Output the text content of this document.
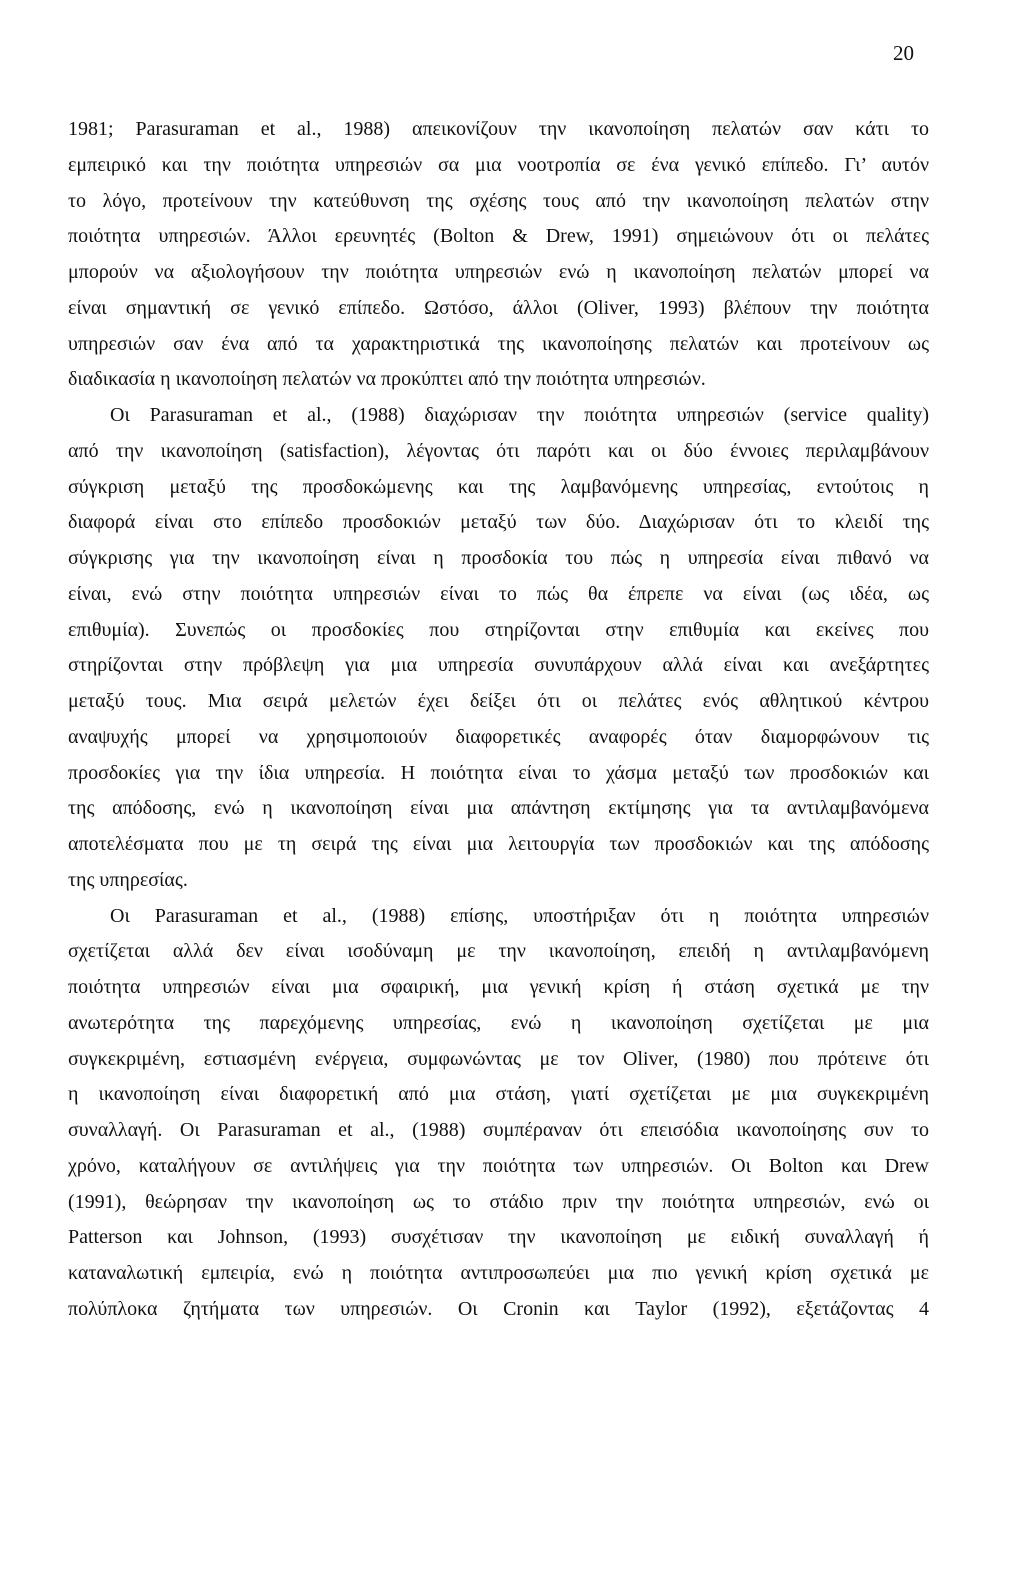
20
1981; Parasuraman et al., 1988) απεικονίζουν την ικανοποίηση πελατών σαν κάτι το
εμπειρικό και την ποιότητα υπηρεσιών σα μια νοοτροπία σε ένα γενικό επίπεδο. Γι’ αυτόν
το λόγο, προτείνουν την κατεύθυνση της σχέσης τους από την ικανοποίηση πελατών στην
ποιότητα υπηρεσιών. Άλλοι ερευνητές (Bolton & Drew, 1991) σημειώνουν ότι οι πελάτες
μπορούν να αξιολογήσουν την ποιότητα υπηρεσιών ενώ η ικανοποίηση πελατών μπορεί να
είναι σημαντική σε γενικό επίπεδο. Ωστόσο, άλλοι (Oliver, 1993) βλέπουν την ποιότητα
υπηρεσιών σαν ένα από τα χαρακτηριστικά της ικανοποίησης πελατών και προτείνουν ως
διαδικασία η ικανοποίηση πελατών να προκύπτει από την ποιότητα υπηρεσιών.
Οι Parasuraman et al., (1988) διαχώρισαν την ποιότητα υπηρεσιών (service quality)
από την ικανοποίηση (satisfaction), λέγοντας ότι παρότι και οι δύο έννοιες περιλαμβάνουν
σύγκριση μεταξύ της προσδοκώμενης και της λαμβανόμενης υπηρεσίας, εντούτοις η
διαφορά είναι στο επίπεδο προσδοκιών μεταξύ των δύο. Διαχώρισαν ότι το κλειδί της
σύγκρισης για την ικανοποίηση είναι η προσδοκία του πώς η υπηρεσία είναι πιθανό να
είναι, ενώ στην ποιότητα υπηρεσιών είναι το πώς θα έπρεπε να είναι (ως ιδέα, ως
επιθυμία). Συνεπώς οι προσδοκίες που στηρίζονται στην επιθυμία και εκείνες που
στηρίζονται στην πρόβλεψη για μια υπηρεσία συνυπάρχουν αλλά είναι και ανεξάρτητες
μεταξύ τους. Μια σειρά μελετών έχει δείξει ότι οι πελάτες ενός αθλητικού κέντρου
αναψυχής μπορεί να χρησιμοποιούν διαφορετικές αναφορές όταν διαμορφώνουν τις
προσδοκίες για την ίδια υπηρεσία. Η ποιότητα είναι το χάσμα μεταξύ των προσδοκιών και
της απόδοσης, ενώ η ικανοποίηση είναι μια απάντηση εκτίμησης για τα αντιλαμβανόμενα
αποτελέσματα που με τη σειρά της είναι μια λειτουργία των προσδοκιών και της απόδοσης
της υπηρεσίας.
Οι Parasuraman et al., (1988) επίσης, υποστήριξαν ότι η ποιότητα υπηρεσιών
σχετίζεται αλλά δεν είναι ισοδύναμη με την ικανοποίηση, επειδή η αντιλαμβανόμενη
ποιότητα υπηρεσιών είναι μια σφαιρική, μια γενική κρίση ή στάση σχετικά με την
ανωτερότητα της παρεχόμενης υπηρεσίας, ενώ η ικανοποίηση σχετίζεται με μια
συγκεκριμένη, εστιασμένη ενέργεια, συμφωνώντας με τον Oliver, (1980) που πρότεινε ότι
η ικανοποίηση είναι διαφορετική από μια στάση, γιατί σχετίζεται με μια συγκεκριμένη
συναλλαγή. Οι Parasuraman et al., (1988) συμπέραναν ότι επεισόδια ικανοποίησης συν το
χρόνο, καταλήγουν σε αντιλήψεις για την ποιότητα των υπηρεσιών. Οι Bolton και Drew
(1991), θεώρησαν την ικανοποίηση ως το στάδιο πριν την ποιότητα υπηρεσιών, ενώ οι
Patterson και Johnson, (1993) συσχέτισαν την ικανοποίηση με ειδική συναλλαγή ή
καταναλωτική εμπειρία, ενώ η ποιότητα αντιπροσωπεύει μια πιο γενική κρίση σχετικά με
πολύπλοκα ζητήματα των υπηρεσιών. Οι Cronin και Taylor (1992), εξετάζοντας 4
